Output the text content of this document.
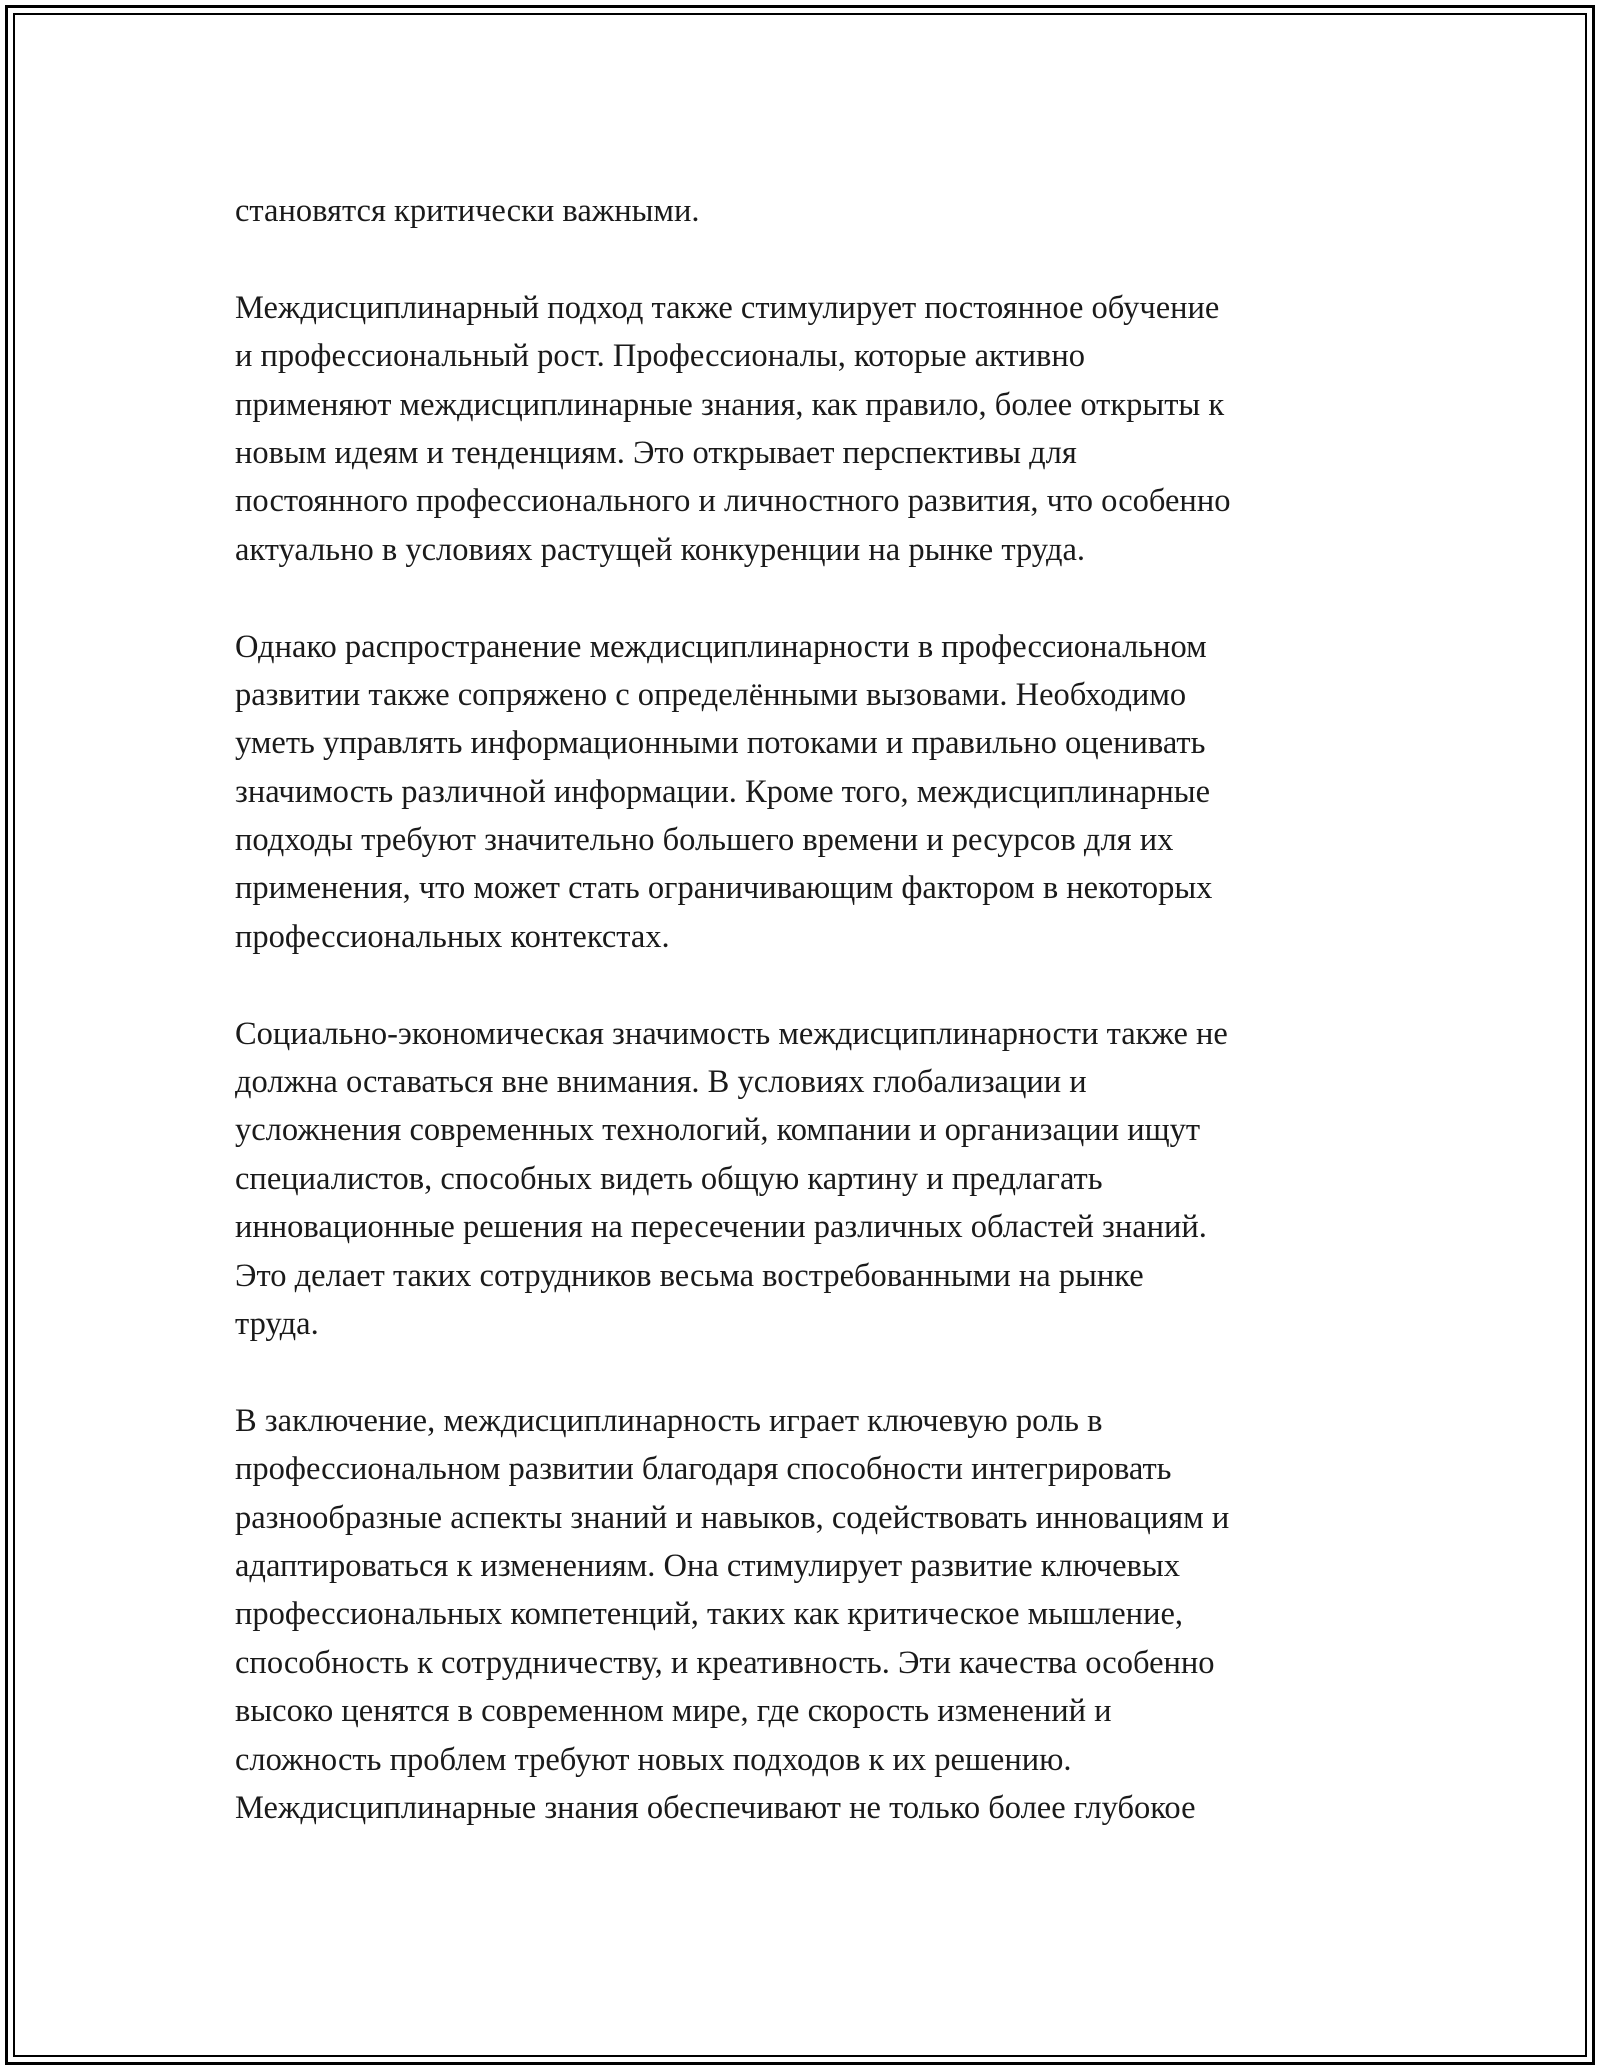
становятся критически важными.
Междисциплинарный подход также стимулирует постоянное обучение
и профессиональный рост. Профессионалы, которые активно
применяют междисциплинарные знания, как правило, более открыты к
новым идеям и тенденциям. Это открывает перспективы для
постоянного профессионального и личностного развития, что особенно
актуально в условиях растущей конкуренции на рынке труда.
Однако распространение междисциплинарности в профессиональном
развитии также сопряжено с определёнными вызовами. Необходимо
уметь управлять информационными потоками и правильно оценивать
значимость различной информации. Кроме того, междисциплинарные
подходы требуют значительно большего времени и ресурсов для их
применения, что может стать ограничивающим фактором в некоторых
профессиональных контекстах.
Социально-экономическая значимость междисциплинарности также не
должна оставаться вне внимания. В условиях глобализации и
усложнения современных технологий, компании и организации ищут
специалистов, способных видеть общую картину и предлагать
инновационные решения на пересечении различных областей знаний.
Это делает таких сотрудников весьма востребованными на рынке
труда.
В заключение, междисциплинарность играет ключевую роль в
профессиональном развитии благодаря способности интегрировать
разнообразные аспекты знаний и навыков, содействовать инновациям и
адаптироваться к изменениям. Она стимулирует развитие ключевых
профессиональных компетенций, таких как критическое мышление,
способность к сотрудничеству, и креативность. Эти качества особенно
высоко ценятся в современном мире, где скорость изменений и
сложность проблем требуют новых подходов к их решению.
Междисциплинарные знания обеспечивают не только более глубокое
